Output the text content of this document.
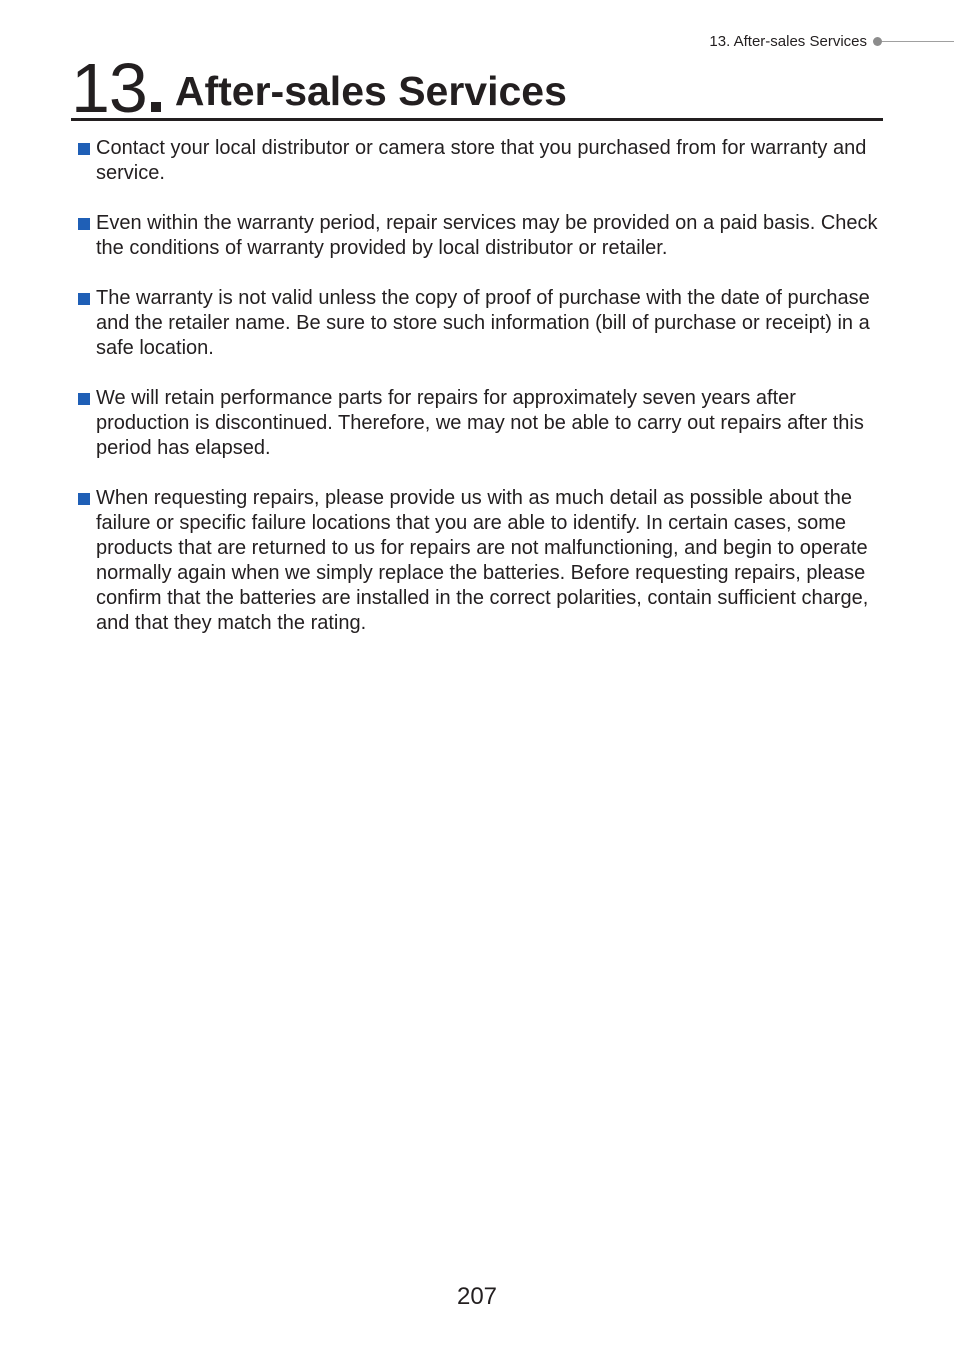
13. After-sales Services
13 After-sales Services
Contact your local distributor or camera store that you purchased from for warranty and service.
Even within the warranty period, repair services may be provided on a paid basis. Check the conditions of warranty provided by local distributor or retailer.
The warranty is not valid unless the copy of proof of purchase with the date of purchase and the retailer name. Be sure to store such information (bill of purchase or receipt) in a safe location.
We will retain performance parts for repairs for approximately seven years after production is discontinued. Therefore, we may not be able to carry out repairs after this period has elapsed.
When requesting repairs, please provide us with as much detail as possible about the failure or specific failure locations that you are able to identify. In certain cases, some products that are returned to us for repairs are not malfunctioning, and begin to operate normally again when we simply replace the batteries. Before requesting repairs, please confirm that the batteries are installed in the correct polarities, contain sufficient charge, and that they match the rating.
207
